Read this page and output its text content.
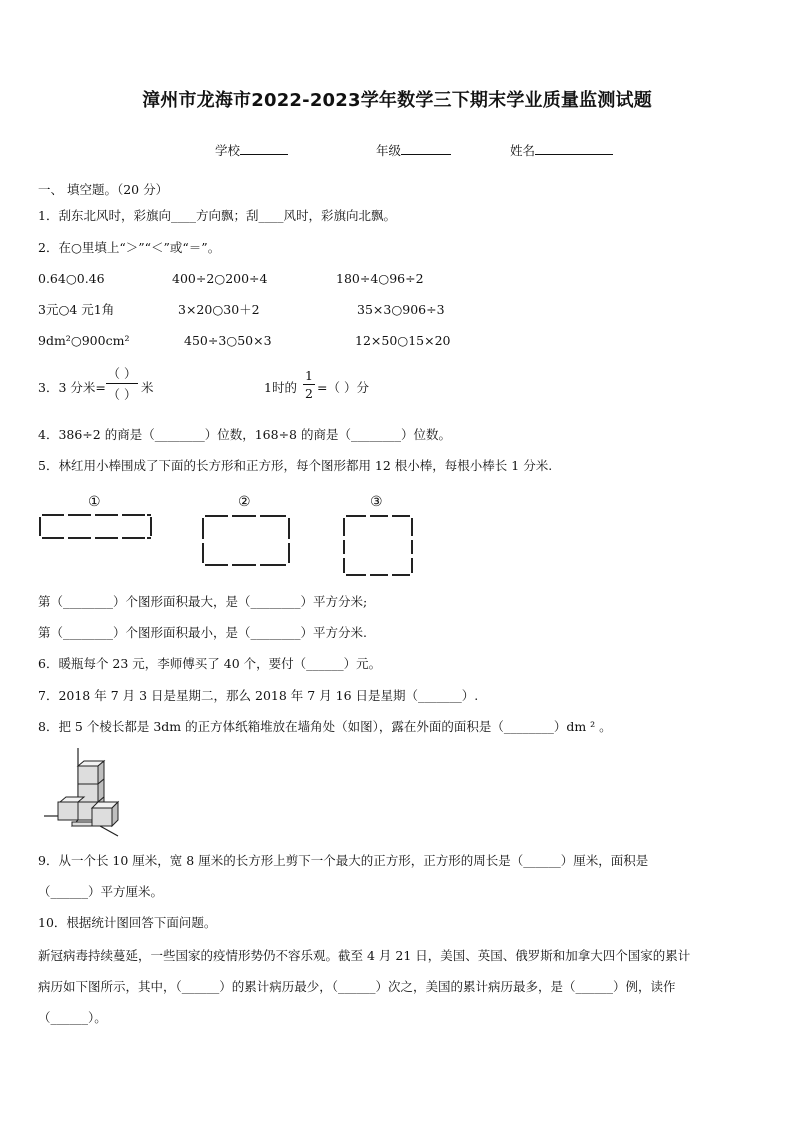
漳州市龙海市2022-2023学年数学三下期末学业质量监测试题
学校	年级	姓名
一、 填空题。（20 分）
1．刮东北风时，彩旗向____方向飘；刮____风时，彩旗向北飘。
2．在○里填上“＞”“＜”或“＝”。
0.64○0.46	400÷2○200÷4	180÷4○96÷2
3元○4 元1角	3×20○30＋2	35×3○906÷3
9dm²○900cm²	450÷3○50×3	12×50○15×20
3．3 分米=
（ ）
（ ） 米	1时的 $\frac{1}{2}$ =（ ）分
4．386÷2 的商是（________）位数，168÷8 的商是（________）位数。
5．林红用小棒围成了下面的长方形和正方形，每个图形都用 12 根小棒，每根小棒长 1 分米.
①	②	③
第（________）个图形面积最大，是（________）平方分米;
第（________）个图形面积最小，是（________）平方分米.
6．暖瓶每个 23 元，李师傅买了 40 个，要付（______）元。
7．2018 年 7 月 3 日是星期二，那么 2018 年 7 月 16 日是星期（_______）.
8．把 5 个棱长都是 3dm 的正方体纸箱堆放在墙角处（如图），露在外面的面积是（________）dm ² 。
9．从一个长 10 厘米，宽 8 厘米的长方形上剪下一个最大的正方形，正方形的周长是（______）厘米，面积是
（______）平方厘米。
10．根据统计图回答下面问题。
新冠病毒持续蔓延，一些国家的疫情形势仍不容乐观。截至 4 月 21 日，美国、英国、俄罗斯和加拿大四个国家的累计
病历如下图所示，其中，（______）的累计病历最少，（______）次之，美国的累计病历最多，是（______）例，读作
（______）。
